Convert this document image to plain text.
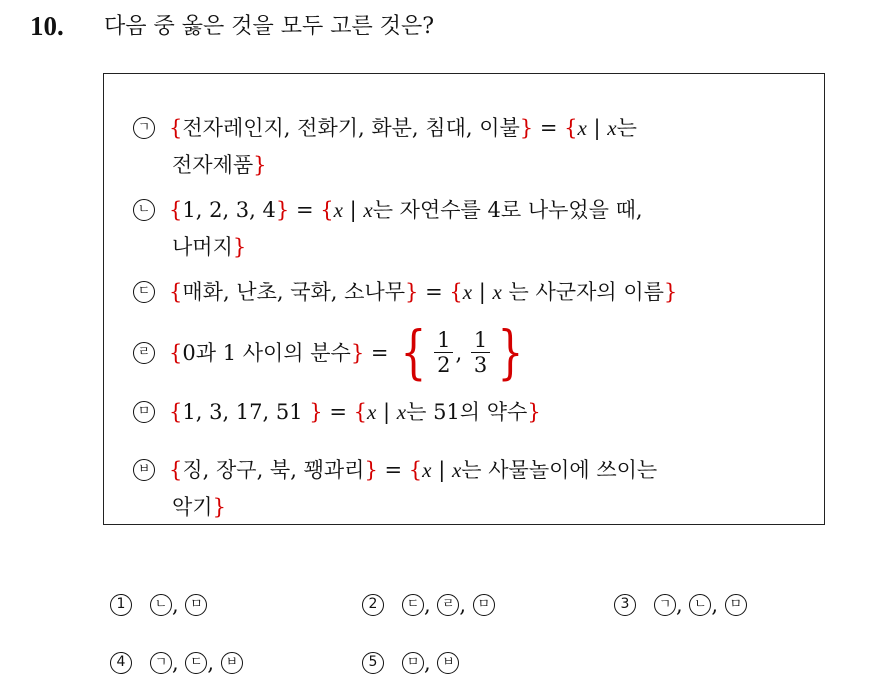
10. 다음 중 옳은 것을 모두 고른 것은?
ㄱ {전자레인지, 전화기, 화분, 침대, 이불} = {x | x는
전자제품}
ㄴ {1, 2, 3, 4} = {x | x는 자연수를 4로 나누었을 때,
나머지}
ㄷ {매화, 난초, 국화, 소나무} = {x | x 는 사군자의 이름}
ㄹ {0과 1 사이의 분수} = { $\frac{1}{2}$ , $\frac{1}{3}$ }
ㅁ {1, 3, 17, 51 } = {x | x는 51의 약수}
ㅂ {징, 장구, 북, 꽹과리} = {x | x는 사물놀이에 쓰이는
악기}
1 ㄴ , ㅁ	2 ㄷ , ㄹ , ㅁ	3 ㄱ , ㄴ , ㅁ
4 ㄱ , ㄷ , ㅂ	5 ㅁ , ㅂ
